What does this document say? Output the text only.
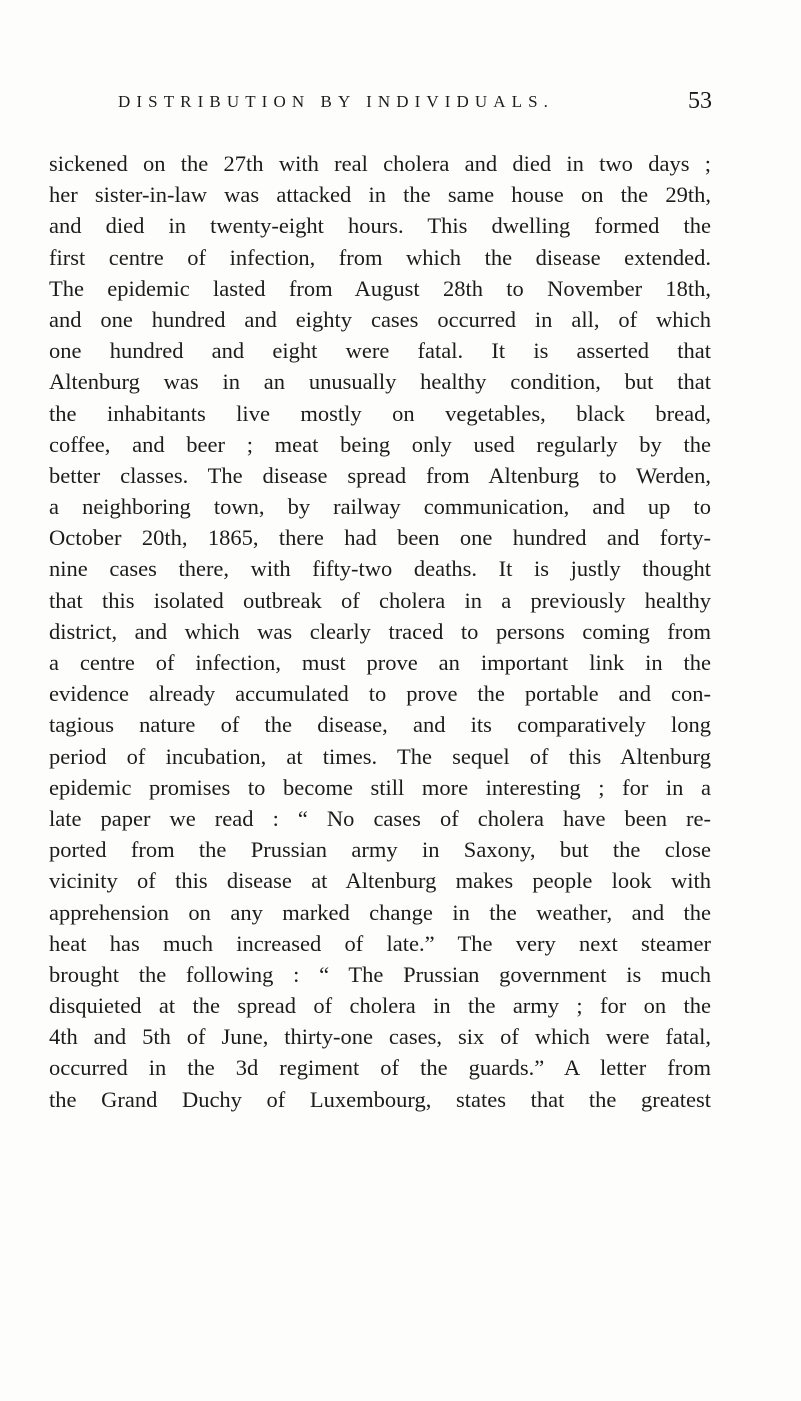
DISTRIBUTION BY INDIVIDUALS.	53
sickened on the 27th with real cholera and died in two days ;
her sister-in-law was attacked in the same house on the 29th,
and died in twenty-eight hours. This dwelling formed the
first centre of infection, from which the disease extended.
The epidemic lasted from August 28th to November 18th,
and one hundred and eighty cases occurred in all, of which
one hundred and eight were fatal. It is asserted that
Altenburg was in an unusually healthy condition, but that
the inhabitants live mostly on vegetables, black bread,
coffee, and beer ; meat being only used regularly by the
better classes. The disease spread from Altenburg to Werden,
a neighboring town, by railway communication, and up to
October 20th, 1865, there had been one hundred and forty-
nine cases there, with fifty-two deaths. It is justly thought
that this isolated outbreak of cholera in a previously healthy
district, and which was clearly traced to persons coming from
a centre of infection, must prove an important link in the
evidence already accumulated to prove the portable and con-
tagious nature of the disease, and its comparatively long
period of incubation, at times. The sequel of this Altenburg
epidemic promises to become still more interesting ; for in a
late paper we read : “ No cases of cholera have been re-
ported from the Prussian army in Saxony, but the close
vicinity of this disease at Altenburg makes people look with
apprehension on any marked change in the weather, and the
heat has much increased of late.” The very next steamer
brought the following : “ The Prussian government is much
disquieted at the spread of cholera in the army ; for on the
4th and 5th of June, thirty-one cases, six of which were fatal,
occurred in the 3d regiment of the guards.” A letter from
the Grand Duchy of Luxembourg, states that the greatest
